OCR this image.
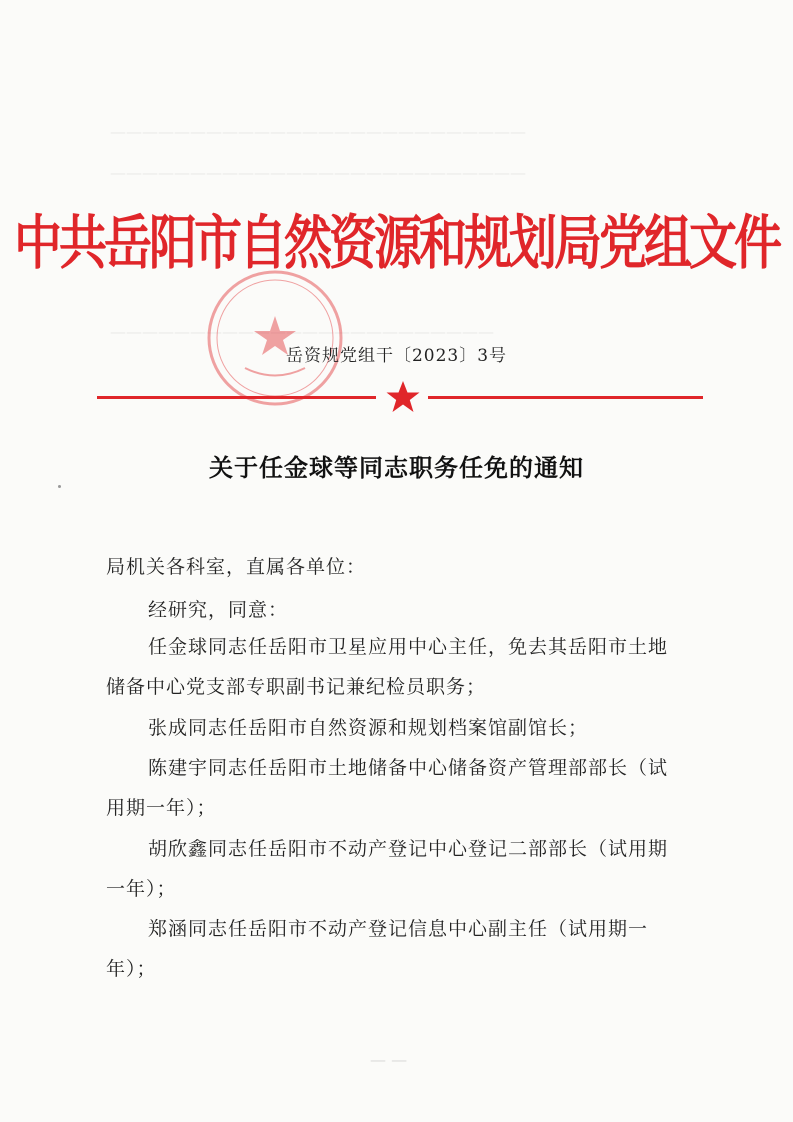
——————————————————————————
——————————————————————————
————————————————————————
中共岳阳市自然资源和规划局党组文件
岳资规党组干〔2023〕3号
关于任金球等同志职务任免的通知
局机关各科室，直属各单位：
经研究，同意：
任金球同志任岳阳市卫星应用中心主任，免去其岳阳市土地
储备中心党支部专职副书记兼纪检员职务；
张成同志任岳阳市自然资源和规划档案馆副馆长；
陈建宇同志任岳阳市土地储备中心储备资产管理部部长（试
用期一年）；
胡欣鑫同志任岳阳市不动产登记中心登记二部部长（试用期
一年）；
郑涵同志任岳阳市不动产登记信息中心副主任（试用期一
年）；
— —
